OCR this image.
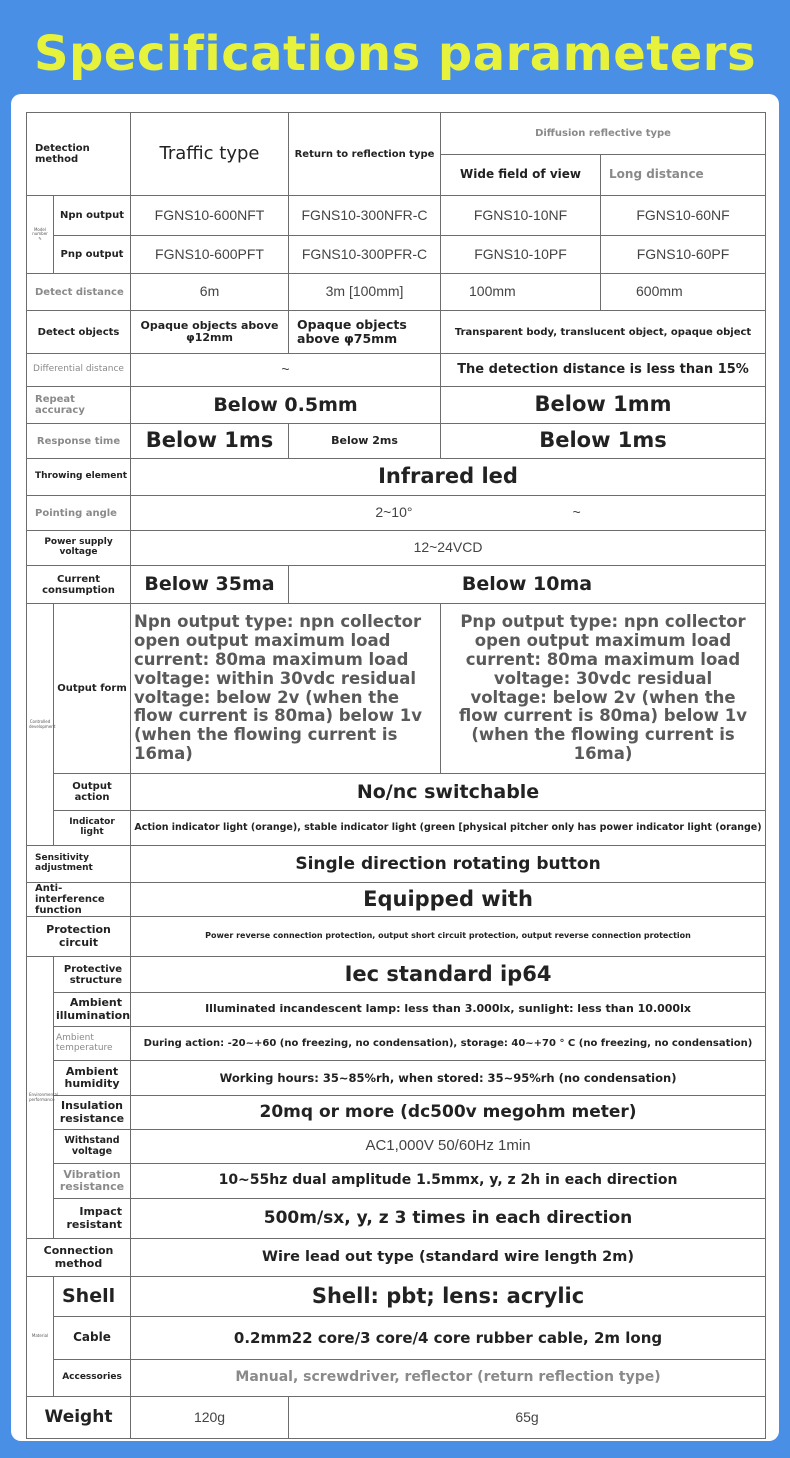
Specifications parameters
Detection method		Traffic type	Return to reflection type	Diffusion reflective type	
				Wide field of view	Long distance
Model number
✎	Npn output	FGNS10-600NFT	FGNS10-300NFR-C	FGNS10-10NF	FGNS10-60NF
	Pnp output	FGNS10-600PFT	FGNS10-300PFR-C	FGNS10-10PF	FGNS10-60PF
Detect distance		6m	3m [100mm]	100mm	600mm
Detect objects		Opaque objects above φ12mm	Opaque objects above φ75mm	Transparent body, translucent object, opaque object	
Differential distance		~		The detection distance is less than 15%	
Repeat accuracy		Below 0.5mm		Below 1mm	
Response time		Below 1ms	Below 2ms	Below 1ms	
Throwing element		Infrared led			
Pointing angle		2~10° ~			
Power supply voltage		12~24VCD			
Current consumption		Below 35ma	Below 10ma		
Controlled development	Output form	Npn output type: npn collector open output maximum load current: 80ma maximum load voltage: within 30vdc residual voltage: below 2v (when the flow current is 80ma) below 1v (when the flowing current is 16ma)		Pnp output type: npn collector open output maximum load current: 80ma maximum load voltage: 30vdc residual voltage: below 2v (when the flow current is 80ma) below 1v (when the flowing current is 16ma)	
	Output action	No/nc switchable			
	Indicator light	Action indicator light (orange), stable indicator light (green [physical pitcher only has power indicator light (orange)			
Sensitivity adjustment		Single direction rotating button			
Anti-interference function		Equipped with			
Protection circuit		Power reverse connection protection, output short circuit protection, output reverse connection protection			
Environmental performance	Protective structure	Iec standard ip64			
	Ambient illumination	Illuminated incandescent lamp: less than 3.000lx, sunlight: less than 10.000lx			
	Ambient temperature	During action: -20~+60 (no freezing, no condensation), storage: 40~+70 ° C (no freezing, no condensation)			
	Ambient humidity	Working hours: 35~85%rh, when stored: 35~95%rh (no condensation)			
	Insulation resistance	20mq or more (dc500v megohm meter)			
	Withstand voltage	AC1,000V 50/60Hz 1min			
	Vibration resistance	10~55hz dual amplitude 1.5mmx, y, z 2h in each direction			
	Impact resistant	500m/sx, y, z 3 times in each direction			
Connection method		Wire lead out type (standard wire length 2m)			
Material	Shell	Shell: pbt; lens: acrylic			
	Cable	0.2mm22 core/3 core/4 core rubber cable, 2m long			
	Accessories	Manual, screwdriver, reflector (return reflection type)			
Weight		120g	65g		
